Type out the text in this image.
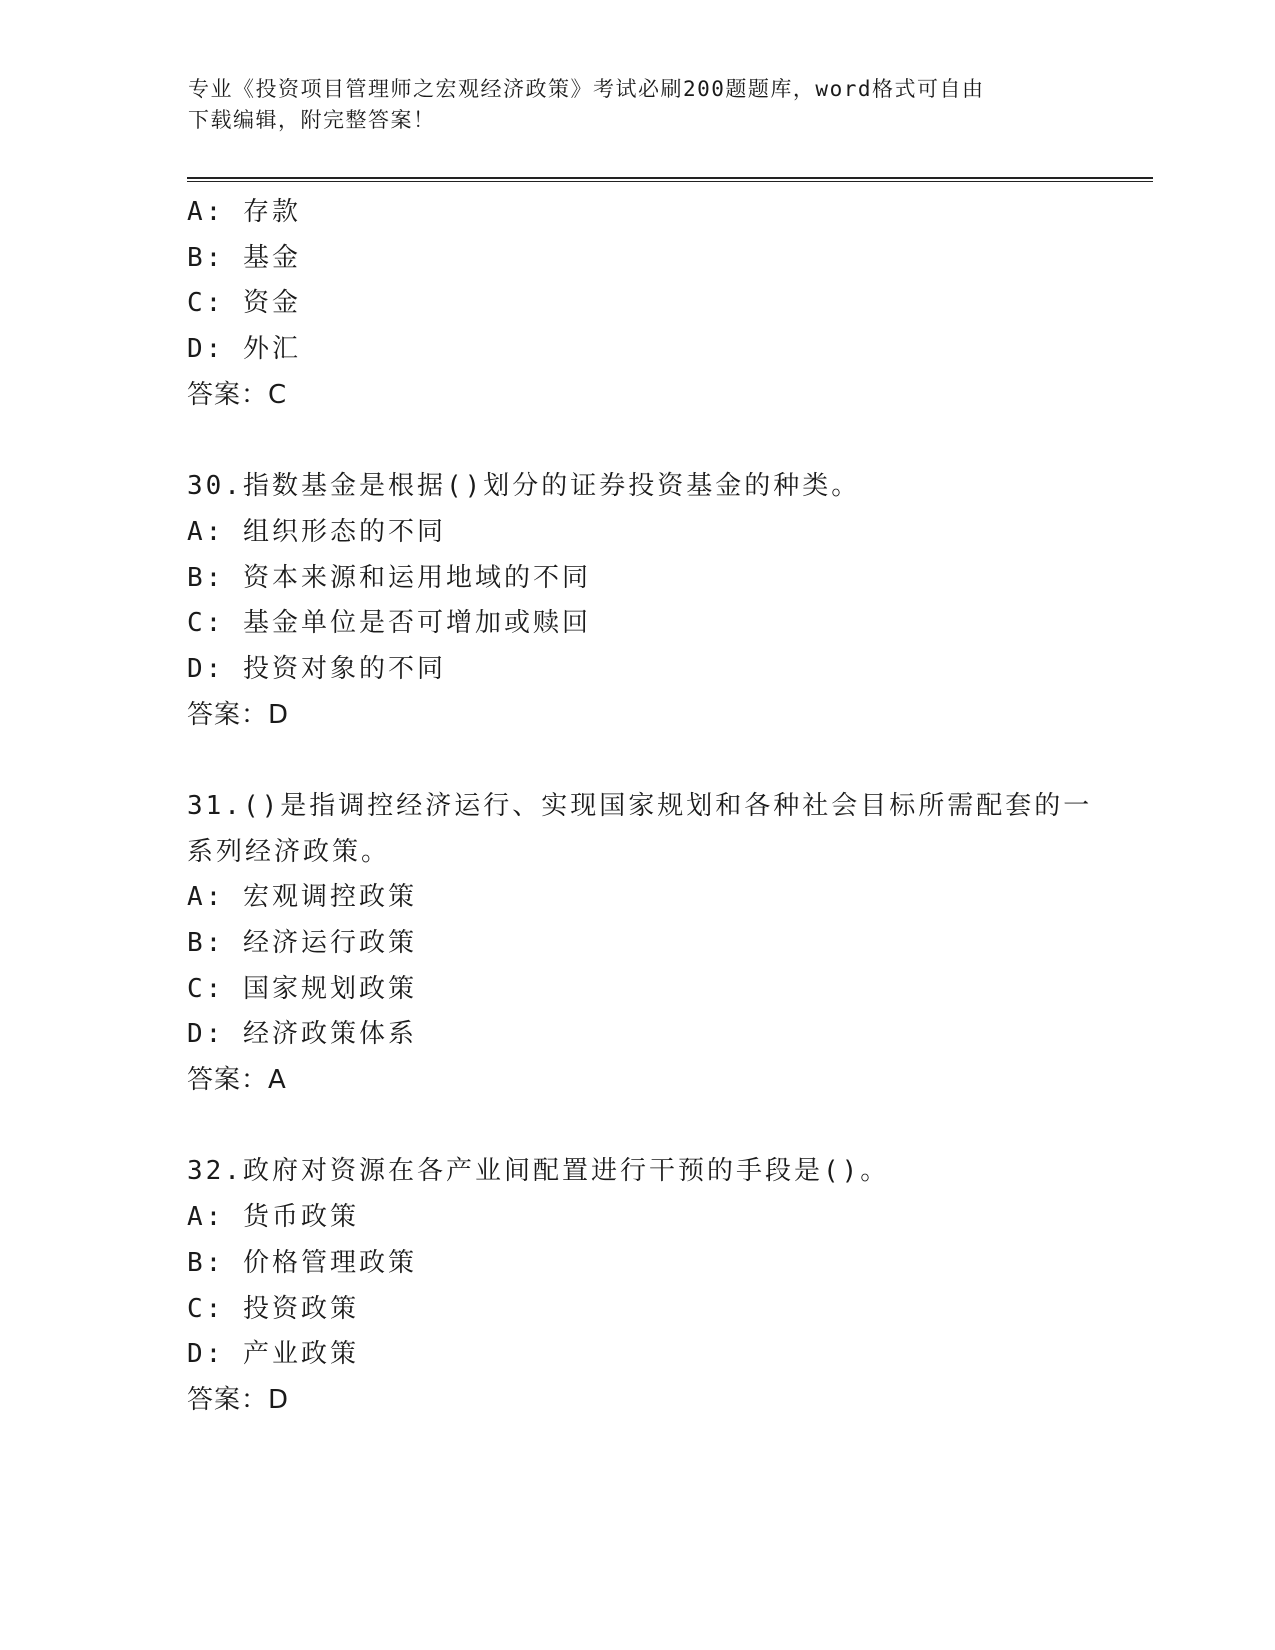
专业《投资项目管理师之宏观经济政策》考试必刷200题题库，word格式可自由
下载编辑，附完整答案！
A: 存款
B: 基金
C: 资金
D: 外汇
答案：C
30.指数基金是根据()划分的证券投资基金的种类。
A: 组织形态的不同
B: 资本来源和运用地域的不同
C: 基金单位是否可增加或赎回
D: 投资对象的不同
答案：D
31.()是指调控经济运行、实现国家规划和各种社会目标所需配套的一
系列经济政策。
A: 宏观调控政策
B: 经济运行政策
C: 国家规划政策
D: 经济政策体系
答案：A
32.政府对资源在各产业间配置进行干预的手段是()。
A: 货币政策
B: 价格管理政策
C: 投资政策
D: 产业政策
答案：D
